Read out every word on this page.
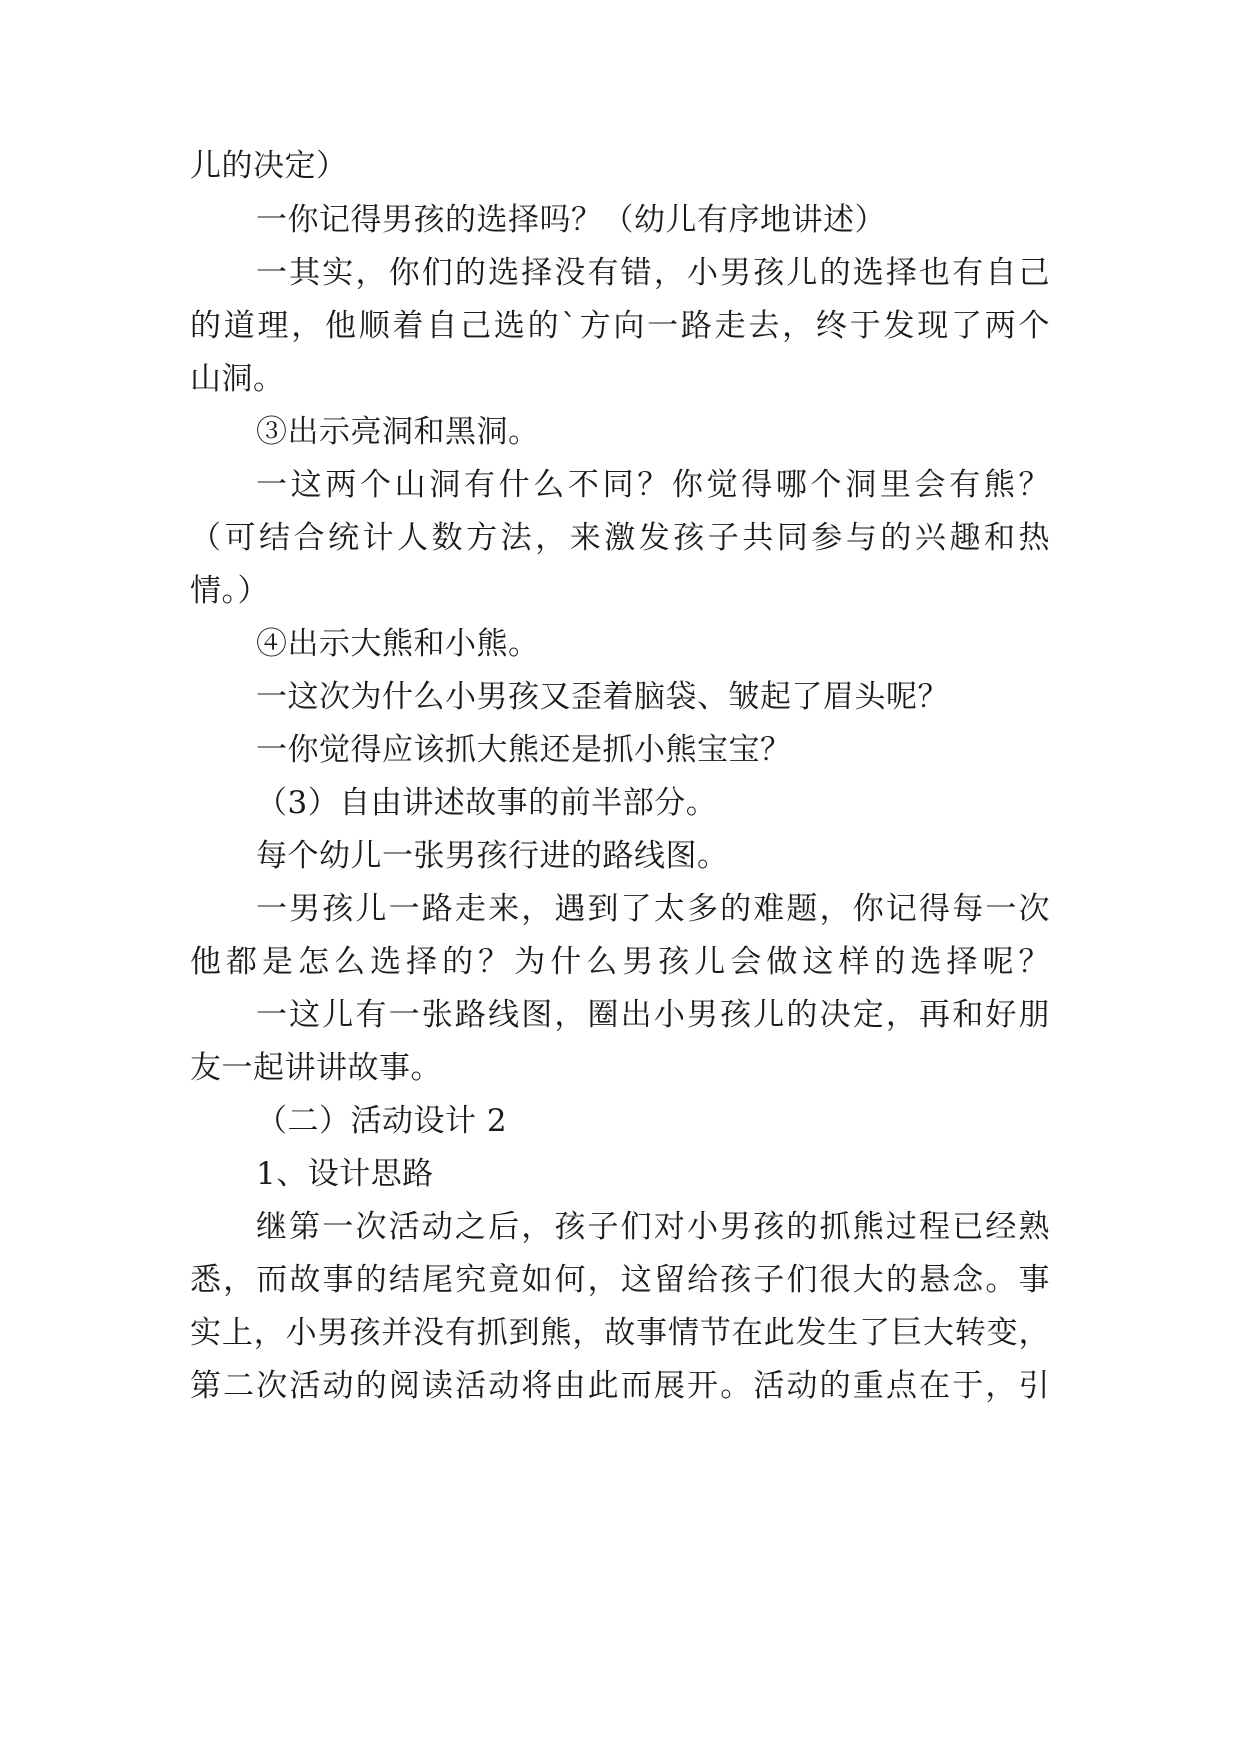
儿的决定）
一你记得男孩的选择吗？（幼儿有序地讲述）
一其实，你们的选择没有错，小男孩儿的选择也有自己
的道理，他顺着自己选的`方向一路走去，终于发现了两个
山洞。
③出示亮洞和黑洞。
一这两个山洞有什么不同？你觉得哪个洞里会有熊？
（可结合统计人数方法，来激发孩子共同参与的兴趣和热
情。）
④出示大熊和小熊。
一这次为什么小男孩又歪着脑袋、皱起了眉头呢？
一你觉得应该抓大熊还是抓小熊宝宝？
（3）自由讲述故事的前半部分。
每个幼儿一张男孩行进的路线图。
一男孩儿一路走来，遇到了太多的难题，你记得每一次
他都是怎么选择的？为什么男孩儿会做这样的选择呢？
一这儿有一张路线图，圈出小男孩儿的决定，再和好朋
友一起讲讲故事。
（二）活动设计 2
1、设计思路
继第一次活动之后，孩子们对小男孩的抓熊过程已经熟
悉，而故事的结尾究竟如何，这留给孩子们很大的悬念。事
实上，小男孩并没有抓到熊，故事情节在此发生了巨大转变，
第二次活动的阅读活动将由此而展开。活动的重点在于，引
